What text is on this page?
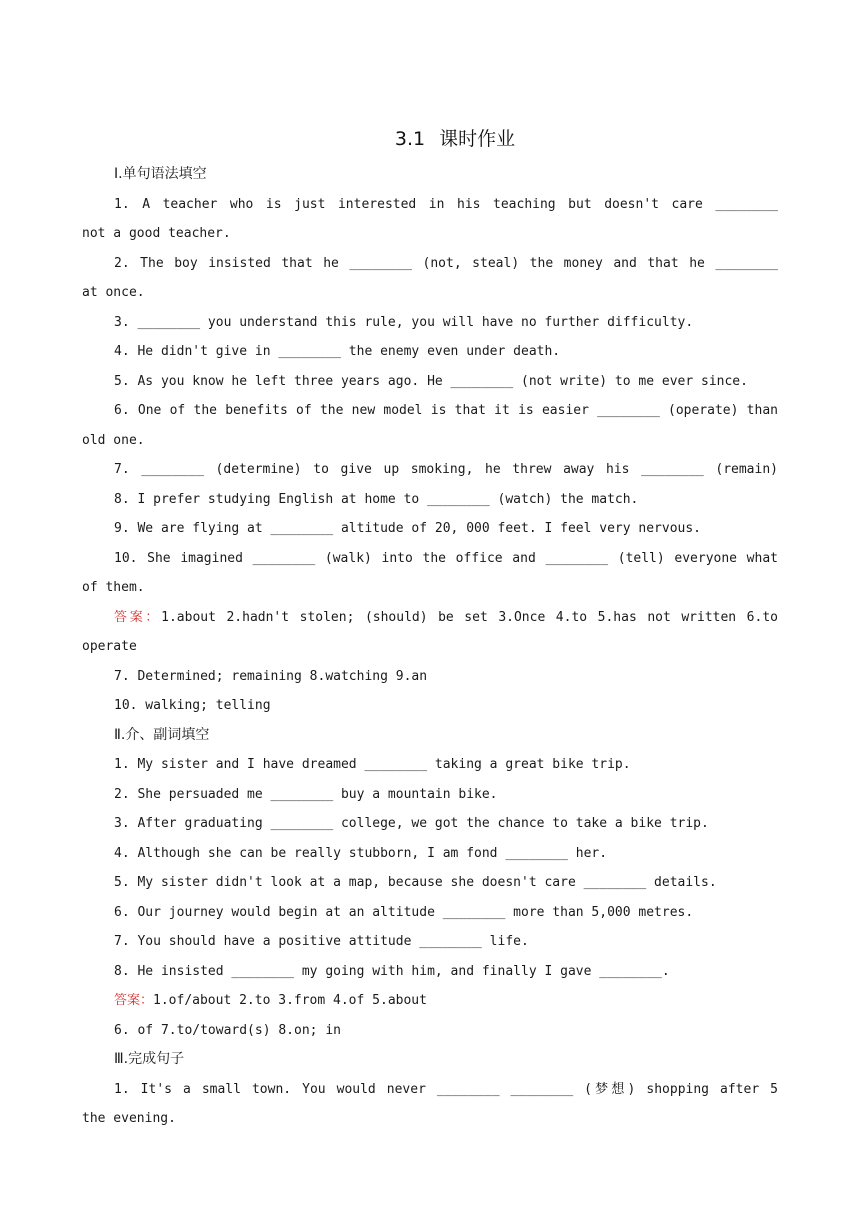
3.1 课时作业
Ⅰ.单句语法填空
1. A teacher who is just interested in his teaching but doesn't care ________
not a good teacher.
2. The boy insisted that he ________ (not, steal) the money and that he ________
at once.
3. ________ you understand this rule, you will have no further difficulty.
4. He didn't give in ________ the enemy even under death.
5. As you know he left three years ago. He ________ (not write) to me ever since.
6. One of the benefits of the new model is that it is easier ________ (operate) than
old one.
7. ________ (determine) to give up smoking, he threw away his ________ (remain)
8. I prefer studying English at home to ________ (watch) the match.
9. We are flying at ________ altitude of 20, 000 feet. I feel very nervous.
10. She imagined ________ (walk) into the office and ________ (tell) everyone what
of them.
答案：1.about 2.hadn't stolen; (should) be set 3.Once 4.to 5.has not written 6.to
operate
7. Determined; remaining 8.watching 9.an
10. walking; telling
Ⅱ.介、副词填空
1. My sister and I have dreamed ________ taking a great bike trip.
2. She persuaded me ________ buy a mountain bike.
3. After graduating ________ college, we got the chance to take a bike trip.
4. Although she can be really stubborn, I am fond ________ her.
5. My sister didn't look at a map, because she doesn't care ________ details.
6. Our journey would begin at an altitude ________ more than 5,000 metres.
7. You should have a positive attitude ________ life.
8. He insisted ________ my going with him, and finally I gave ________.
答案：1.of/about 2.to 3.from 4.of 5.about
6. of 7.to/toward(s) 8.on; in
Ⅲ.完成句子
1. It's a small town. You would never ________ ________ (梦想) shopping after 5
the evening.
